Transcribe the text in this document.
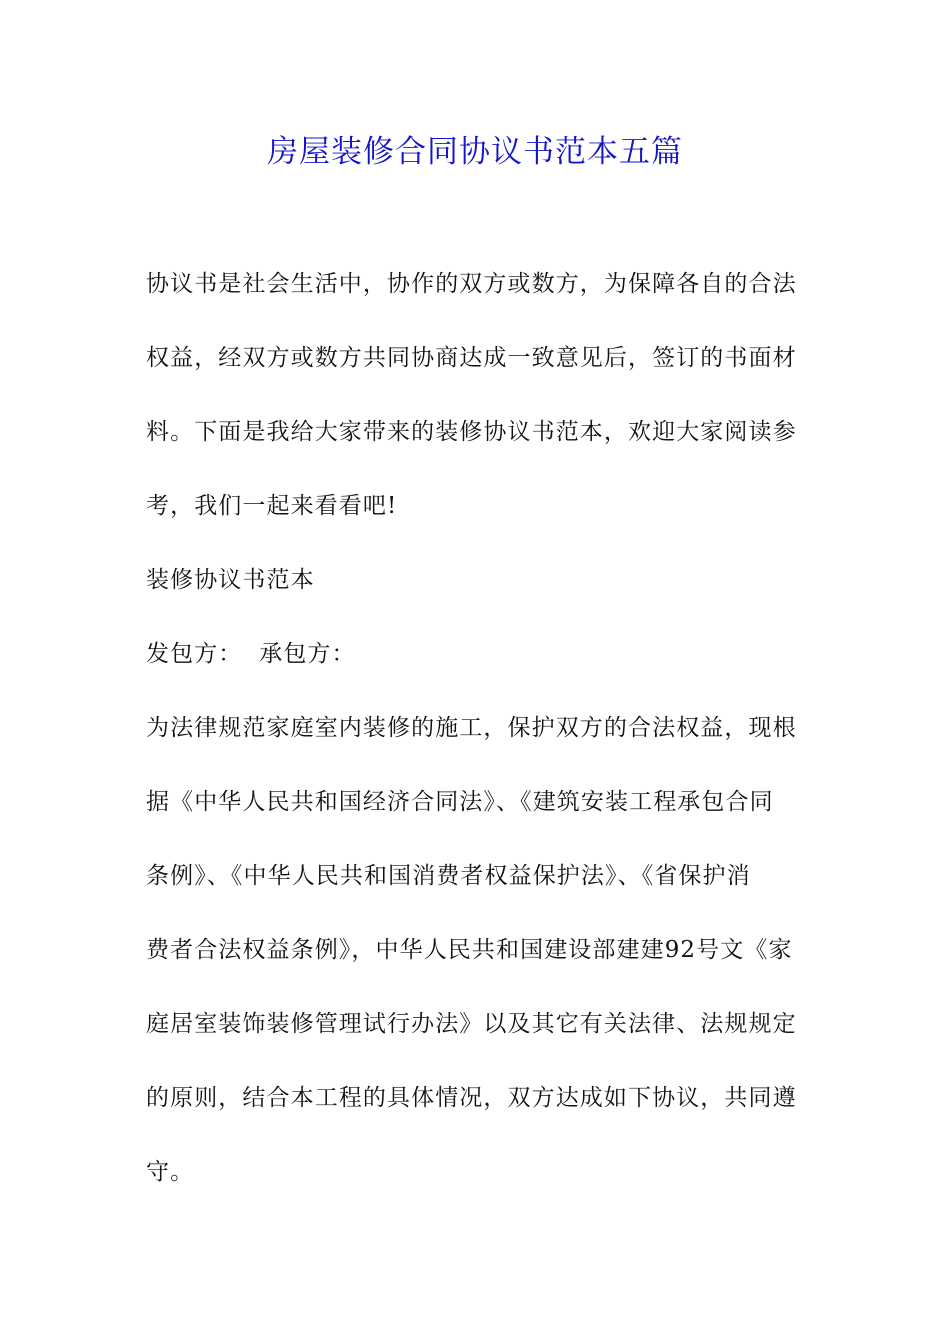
房屋装修合同协议书范本五篇
协议书是社会生活中，协作的双方或数方，为保障各自的合法
权益，经双方或数方共同协商达成一致意见后，签订的书面材
料。下面是我给大家带来的装修协议书范本，欢迎大家阅读参
考，我们一起来看看吧!
装修协议书范本
发包方：  承包方：
为法律规范家庭室内装修的施工，保护双方的合法权益，现根
据《中华人民共和国经济合同法》、《建筑安装工程承包合同
条例》、《中华人民共和国消费者权益保护法》、《省保护消
费者合法权益条例》，中华人民共和国建设部建建92号文《家
庭居室装饰装修管理试行办法》以及其它有关法律、法规规定
的原则，结合本工程的具体情况，双方达成如下协议，共同遵
守。
